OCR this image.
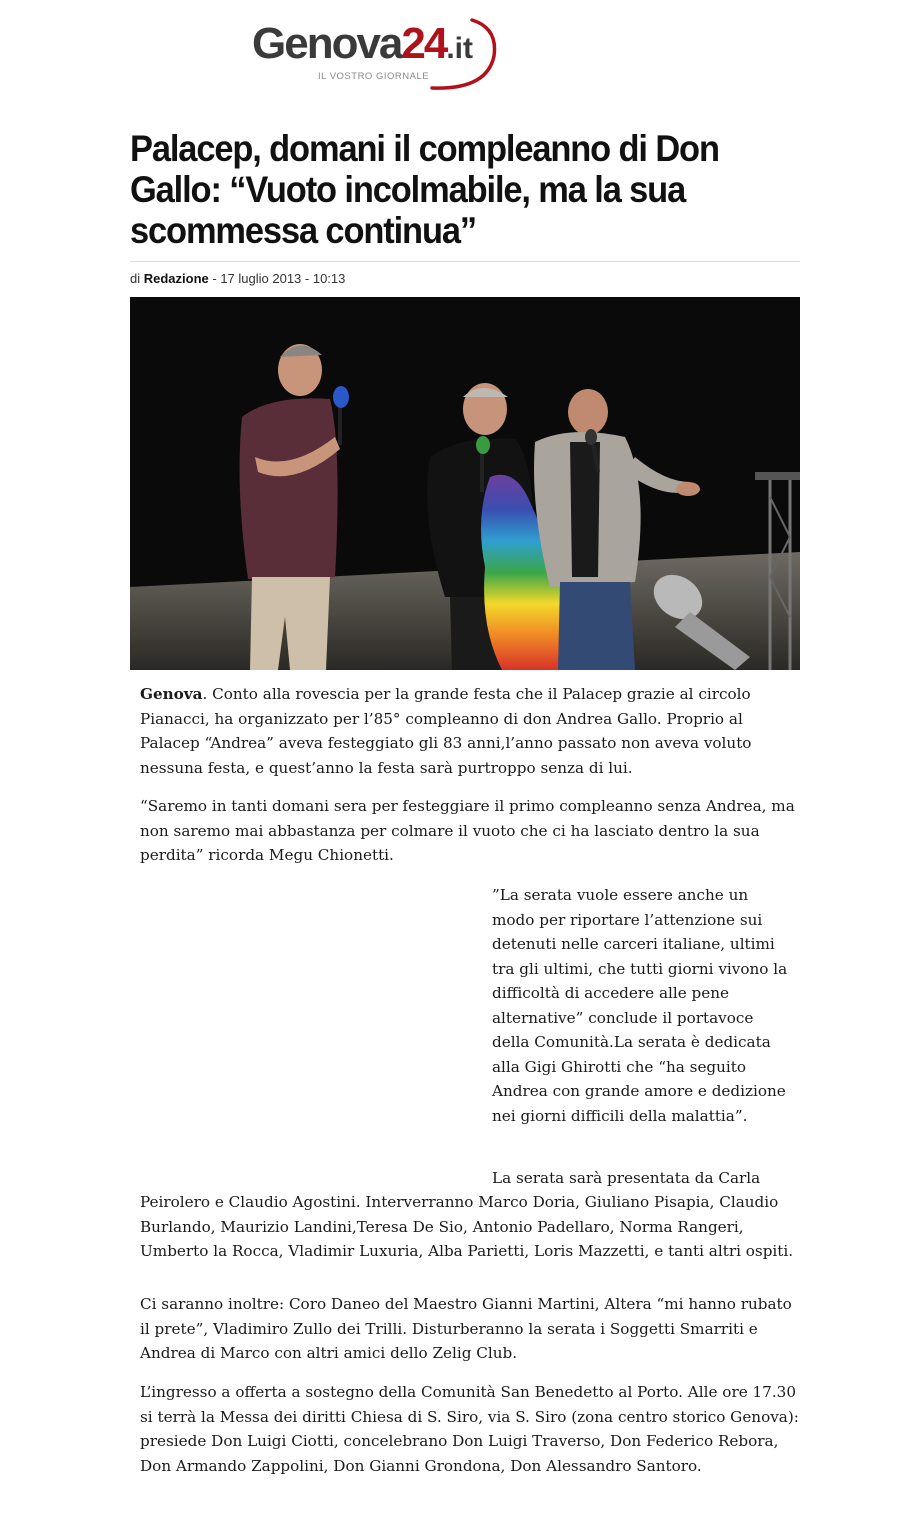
Genova24.it
IL VOSTRO GIORNALE
Palacep, domani il compleanno di Don Gallo: “Vuoto incolmabile, ma la sua scommessa continua”
di Redazione - 17 luglio 2013 - 10:13

Genova. Conto alla rovescia per la grande festa che il Palacep grazie al circolo Pianacci, ha organizzato per l’85° compleanno di don Andrea Gallo. Proprio al Palacep “Andrea” aveva festeggiato gli 83 anni,l’anno passato non aveva voluto nessuna festa, e quest’anno la festa sarà purtroppo senza di lui.

“Saremo in tanti domani sera per festeggiare il primo compleanno senza Andrea, ma non saremo mai abbastanza per colmare il vuoto che ci ha lasciato dentro la sua perdita” ricorda Megu Chionetti.

”La serata vuole essere anche un modo per riportare l’attenzione sui detenuti nelle carceri italiane, ultimi tra gli ultimi, che tutti giorni vivono la difficoltà di accedere alle pene alternative” conclude il portavoce della Comunità.La serata è dedicata alla Gigi Ghirotti che “ha seguito Andrea con grande amore e dedizione nei giorni difficili della malattia”.

La serata sarà presentata da Carla

Peirolero e Claudio Agostini. Interverranno Marco Doria, Giuliano Pisapia, Claudio Burlando, Maurizio Landini,Teresa De Sio, Antonio Padellaro, Norma Rangeri, Umberto la Rocca, Vladimir Luxuria, Alba Parietti, Loris Mazzetti, e tanti altri ospiti.

Ci saranno inoltre: Coro Daneo del Maestro Gianni Martini, Altera “mi hanno rubato il prete”, Vladimiro Zullo dei Trilli. Disturberanno la serata i Soggetti Smarriti e Andrea di Marco con altri amici dello Zelig Club.

L’ingresso a offerta a sostegno della Comunità San Benedetto al Porto. Alle ore 17.30 si terrà la Messa dei diritti Chiesa di S. Siro, via S. Siro (zona centro storico Genova): presiede Don Luigi Ciotti, concelebrano Don Luigi Traverso, Don Federico Rebora, Don Armando Zappolini, Don Gianni Grondona, Don Alessandro Santoro.
